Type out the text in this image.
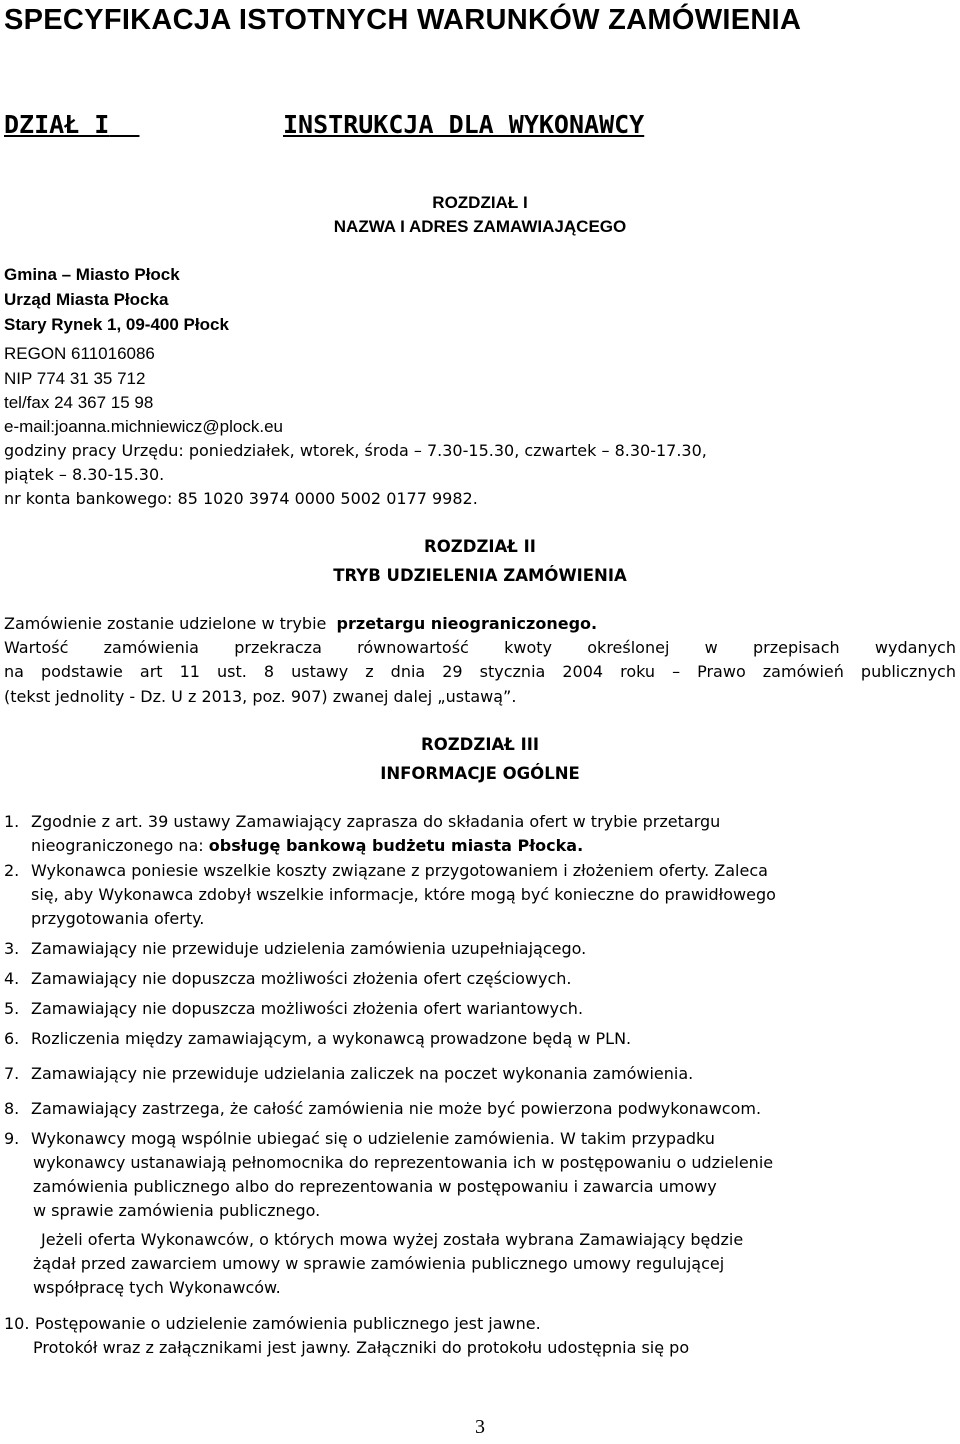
SPECYFIKACJA ISTOTNYCH WARUNKÓW ZAMÓWIENIA
DZIAŁ I	INSTRUKCJA DLA WYKONAWCY
ROZDZIAŁ I
NAZWA I ADRES ZAMAWIAJĄCEGO
Gmina – Miasto Płock
Urząd Miasta Płocka
Stary Rynek 1, 09-400 Płock
REGON 611016086
NIP 774 31 35 712
tel/fax 24 367 15 98
e-mail:joanna.michniewicz@plock.eu
godziny pracy Urzędu: poniedziałek, wtorek, środa – 7.30-15.30, czwartek – 8.30-17.30,
piątek – 8.30-15.30.
nr konta bankowego: 85 1020 3974 0000 5002 0177 9982.
ROZDZIAŁ II
TRYB UDZIELENIA ZAMÓWIENIA
Zamówienie zostanie udzielone w trybie przetargu nieograniczonego.
Wartość zamówienia przekracza równowartość kwoty określonej w przepisach wydanych
na podstawie art 11 ust. 8 ustawy z dnia 29 stycznia 2004 roku – Prawo zamówień publicznych
(tekst jednolity - Dz. U z 2013, poz. 907) zwanej dalej „ustawą”.
ROZDZIAŁ III
INFORMACJE OGÓLNE
1. Zgodnie z art. 39 ustawy Zamawiający zaprasza do składania ofert w trybie przetargu
nieograniczonego na: obsługę bankową budżetu miasta Płocka.
2. Wykonawca poniesie wszelkie koszty związane z przygotowaniem i złożeniem oferty. Zaleca
się, aby Wykonawca zdobył wszelkie informacje, które mogą być konieczne do prawidłowego
przygotowania oferty.
3. Zamawiający nie przewiduje udzielenia zamówienia uzupełniającego.
4. Zamawiający nie dopuszcza możliwości złożenia ofert częściowych.
5. Zamawiający nie dopuszcza możliwości złożenia ofert wariantowych.
6. Rozliczenia między zamawiającym, a wykonawcą prowadzone będą w PLN.
7. Zamawiający nie przewiduje udzielania zaliczek na poczet wykonania zamówienia.
8. Zamawiający zastrzega, że całość zamówienia nie może być powierzona podwykonawcom.
9. Wykonawcy mogą wspólnie ubiegać się o udzielenie zamówienia. W takim przypadku
wykonawcy ustanawiają pełnomocnika do reprezentowania ich w postępowaniu o udzielenie
zamówienia publicznego albo do reprezentowania w postępowaniu i zawarcia umowy
w sprawie zamówienia publicznego.
Jeżeli oferta Wykonawców, o których mowa wyżej została wybrana Zamawiający będzie
żądał przed zawarciem umowy w sprawie zamówienia publicznego umowy regulującej
współpracę tych Wykonawców.
10. Postępowanie o udzielenie zamówienia publicznego jest jawne.
Protokół wraz z załącznikami jest jawny. Załączniki do protokołu udostępnia się po
3
